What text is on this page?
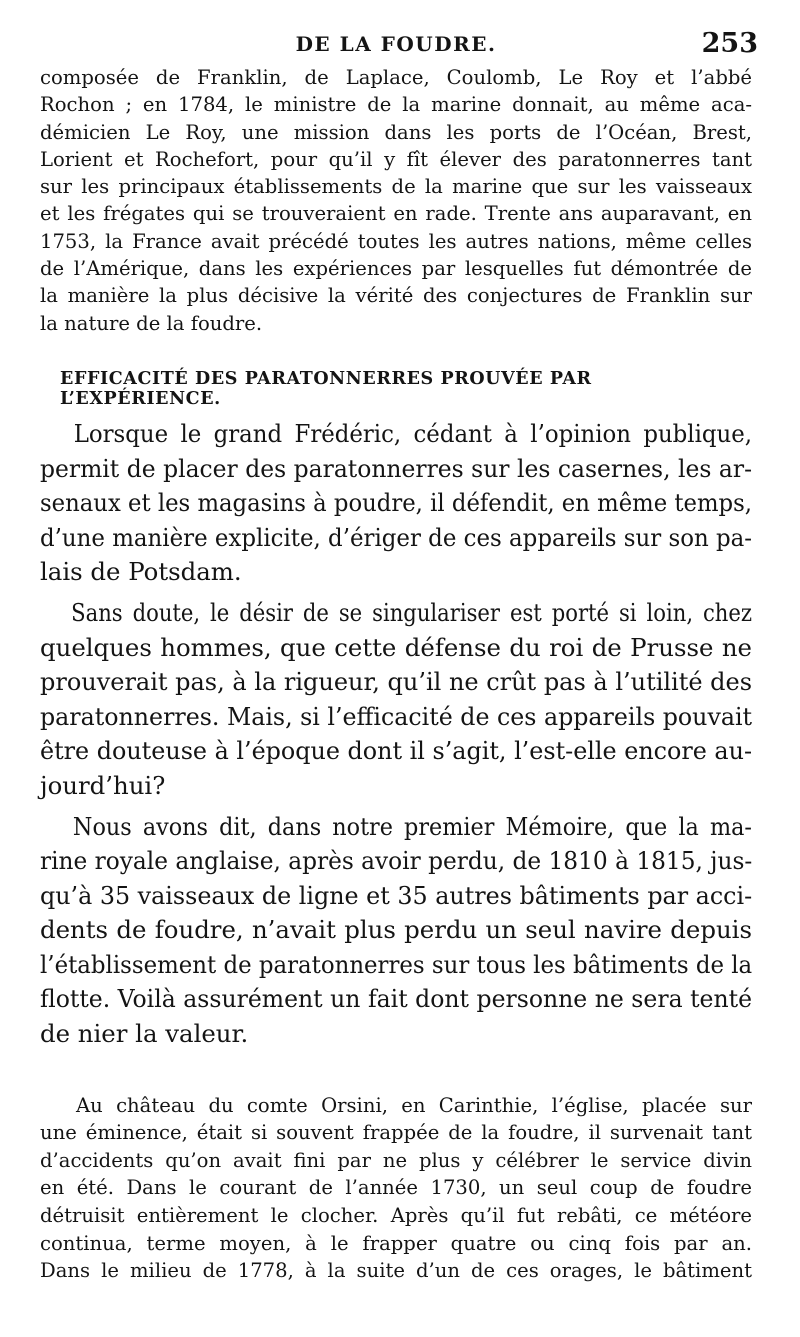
DE LA FOUDRE.	253
composée de Franklin, de Laplace, Coulomb, Le Roy et l’abbé
Rochon ; en 1784, le ministre de la marine donnait, au même aca-
démicien Le Roy, une mission dans les ports de l’Océan, Brest,
Lorient et Rochefort, pour qu’il y fît élever des paratonnerres tant
sur les principaux établissements de la marine que sur les vaisseaux
et les frégates qui se trouveraient en rade. Trente ans auparavant, en
1753, la France avait précédé toutes les autres nations, même celles
de l’Amérique, dans les expériences par lesquelles fut démontrée de
la manière la plus décisive la vérité des conjectures de Franklin sur
la nature de la foudre.
EFFICACITÉ DES PARATONNERRES PROUVÉE PAR L’EXPÉRIENCE.
Lorsque le grand Frédéric, cédant à l’opinion publique,
permit de placer des paratonnerres sur les casernes, les ar-
senaux et les magasins à poudre, il défendit, en même temps,
d’une manière explicite, d’ériger de ces appareils sur son pa-
lais de Potsdam.
Sans doute, le désir de se singulariser est porté si loin, chez
quelques hommes, que cette défense du roi de Prusse ne
prouverait pas, à la rigueur, qu’il ne crût pas à l’utilité des
paratonnerres. Mais, si l’efficacité de ces appareils pouvait
être douteuse à l’époque dont il s’agit, l’est-elle encore au-
jourd’hui?
Nous avons dit, dans notre premier Mémoire, que la ma-
rine royale anglaise, après avoir perdu, de 1810 à 1815, jus-
qu’à 35 vaisseaux de ligne et 35 autres bâtiments par acci-
dents de foudre, n’avait plus perdu un seul navire depuis
l’établissement de paratonnerres sur tous les bâtiments de la
flotte. Voilà assurément un fait dont personne ne sera tenté
de nier la valeur.
Au château du comte Orsini, en Carinthie, l’église, placée sur
une éminence, était si souvent frappée de la foudre, il survenait tant
d’accidents qu’on avait fini par ne plus y célébrer le service divin
en été. Dans le courant de l’année 1730, un seul coup de foudre
détruisit entièrement le clocher. Après qu’il fut rebâti, ce météore
continua, terme moyen, à le frapper quatre ou cinq fois par an.
Dans le milieu de 1778, à la suite d’un de ces orages, le bâtiment
